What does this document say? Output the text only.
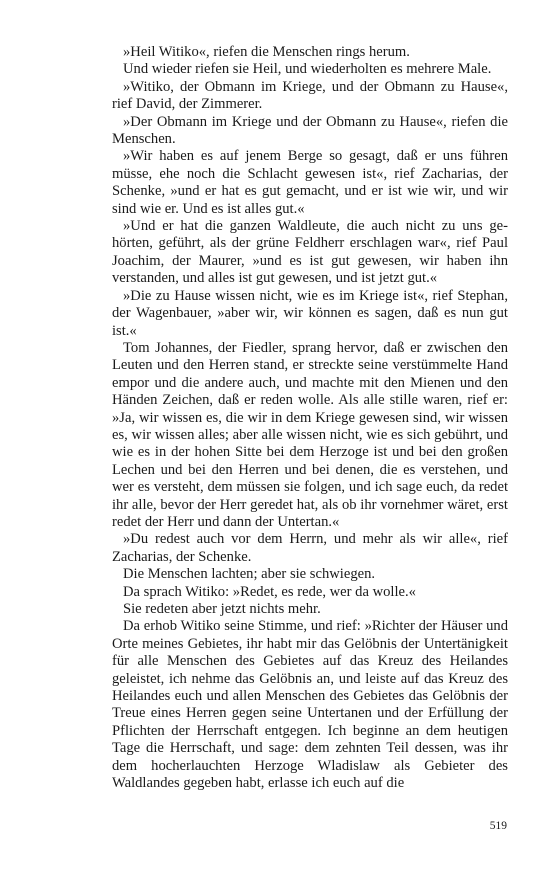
»Heil Witiko«, riefen die Menschen rings herum.

Und wieder riefen sie Heil, und wiederholten es mehrere Male.

»Witiko, der Obmann im Kriege, und der Obmann zu Hause«, rief David, der Zimmerer.

»Der Obmann im Kriege und der Obmann zu Hause«, riefen die Menschen.

»Wir haben es auf jenem Berge so gesagt, daß er uns führen müsse, ehe noch die Schlacht gewesen ist«, rief Zacharias, der Schenke, »und er hat es gut gemacht, und er ist wie wir, und wir sind wie er. Und es ist alles gut.«

»Und er hat die ganzen Waldleute, die auch nicht zu uns gehörten, geführt, als der grüne Feldherr erschlagen war«, rief Paul Joachim, der Maurer, »und es ist gut gewesen, wir haben ihn verstanden, und alles ist gut gewesen, und ist jetzt gut.«

»Die zu Hause wissen nicht, wie es im Kriege ist«, rief Stephan, der Wagenbauer, »aber wir, wir können es sagen, daß es nun gut ist.«

Tom Johannes, der Fiedler, sprang hervor, daß er zwischen den Leuten und den Herren stand, er streckte seine verstümmelte Hand empor und die andere auch, und machte mit den Mienen und den Händen Zeichen, daß er reden wolle. Als alle stille waren, rief er: »Ja, wir wissen es, die wir in dem Kriege gewesen sind, wir wissen es, wir wissen alles; aber alle wissen nicht, wie es sich gebührt, und wie es in der hohen Sitte bei dem Herzoge ist und bei den großen Lechen und bei den Herren und bei denen, die es verstehen, und wer es versteht, dem müssen sie folgen, und ich sage euch, da redet ihr alle, bevor der Herr geredet hat, als ob ihr vornehmer wäret, erst redet der Herr und dann der Untertan.«

»Du redest auch vor dem Herrn, und mehr als wir alle«, rief Zacharias, der Schenke.

Die Menschen lachten; aber sie schwiegen.

Da sprach Witiko: »Redet, es rede, wer da wolle.«

Sie redeten aber jetzt nichts mehr.

Da erhob Witiko seine Stimme, und rief: »Richter der Häuser und Orte meines Gebietes, ihr habt mir das Gelöbnis der Untertänigkeit für alle Menschen des Gebietes auf das Kreuz des Heilandes geleistet, ich nehme das Gelöbnis an, und leiste auf das Kreuz des Heilandes euch und allen Menschen des Gebietes das Gelöbnis der Treue eines Herren gegen seine Untertanen und der Erfüllung der Pflichten der Herrschaft entgegen. Ich beginne an dem heutigen Tage die Herrschaft, und sage: dem zehnten Teil dessen, was ihr dem hocherlauchten Herzoge Wladislaw als Gebieter des Waldlandes gegeben habt, erlasse ich euch auf die

519
